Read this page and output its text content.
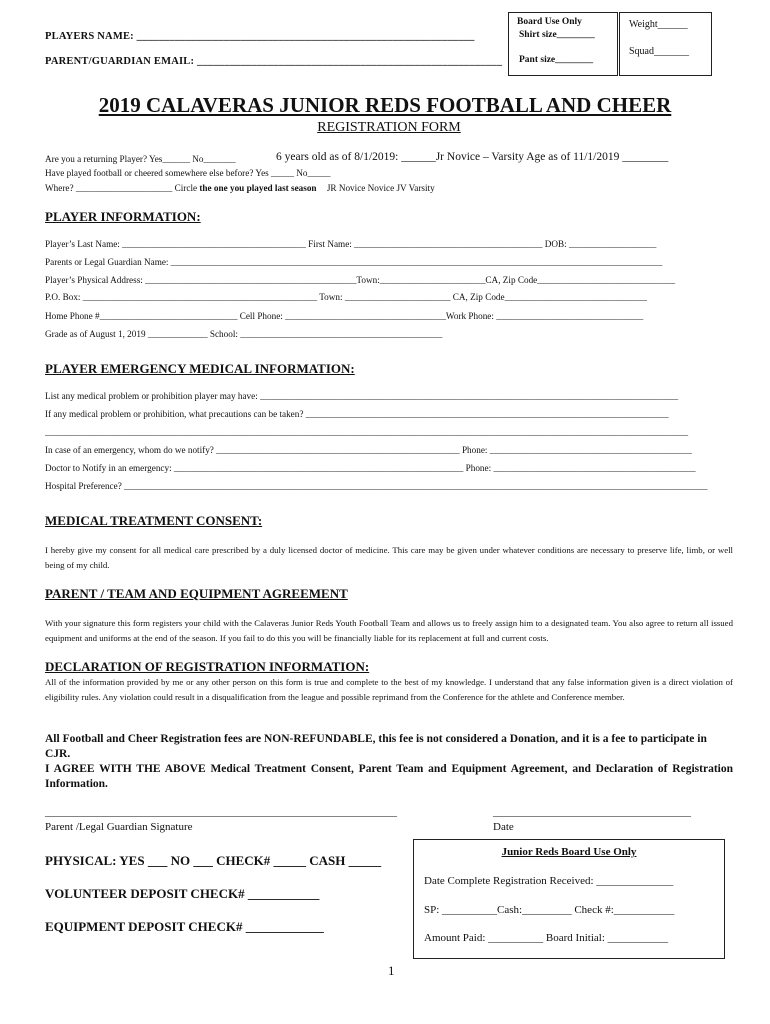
PLAYERS NAME: ______________________________________________________________
PARENT/GUARDIAN EMAIL: ________________________________________________________
Board Use Only
Shirt size________
Pant size________
Weight______
Squad_______
2019 CALAVERAS JUNIOR REDS FOOTBALL AND CHEER
REGISTRATION FORM
Are you a returning Player? Yes______ No_______	6 years old as of 8/1/2019: ______Jr Novice – Varsity Age as of 11/1/2019 ________
Have played football or cheered somewhere else before? Yes _____ No_____
Where? _____________________ Circle the one you played last season JR Novice Novice JV Varsity
PLAYER INFORMATION:
Player’s Last Name: ________________________________________ First Name: _________________________________________ DOB: ___________________
Parents or Legal Guardian Name: ___________________________________________________________________________________________________________
Player’s Physical Address: ______________________________________________Town:_______________________CA, Zip Code______________________________
P.O. Box: ___________________________________________________ Town: _______________________ CA, Zip Code_______________________________
Home Phone #______________________________ Cell Phone: ___________________________________Work Phone: ________________________________
Grade as of August 1, 2019 _____________ School: ____________________________________________
PLAYER EMERGENCY MEDICAL INFORMATION:
List any medical problem or prohibition player may have: ___________________________________________________________________________________________
If any medical problem or prohibition, what precautions can be taken? _______________________________________________________________________________
____________________________________________________________________________________________________________________________________________
In case of an emergency, whom do we notify? _____________________________________________________ Phone: ____________________________________________
Doctor to Notify in an emergency: _______________________________________________________________ Phone: ____________________________________________
Hospital Preference? _______________________________________________________________________________________________________________________________
MEDICAL TREATMENT CONSENT:
I hereby give my consent for all medical care prescribed by a duly licensed doctor of medicine. This care may be given under whatever conditions are necessary to preserve life, limb, or well being of my child.
PARENT / TEAM AND EQUIPMENT AGREEMENT
With your signature this form registers your child with the Calaveras Junior Reds Youth Football Team and allows us to freely assign him to a designated team. You also agree to return all issued equipment and uniforms at the end of the season. If you fail to do this you will be financially liable for its replacement at full and current costs.
DECLARATION OF REGISTRATION INFORMATION:
All of the information provided by me or any other person on this form is true and complete to the best of my knowledge. I understand that any false information given is a direct violation of eligibility rules. Any violation could result in a disqualification from the league and possible reprimand from the Conference for the athlete and Conference member.
All Football and Cheer Registration fees are NON-REFUNDABLE, this fee is not considered a Donation, and it is a fee to participate in CJR.
I AGREE WITH THE ABOVE Medical Treatment Consent, Parent Team and Equipment Agreement, and Declaration of Registration Information.
________________________________________________________________
Parent /Legal Guardian Signature
____________________________________
Date
PHYSICAL: YES ___ NO ___ CHECK# _____ CASH _____
VOLUNTEER DEPOSIT CHECK# ___________
EQUIPMENT DEPOSIT CHECK# ____________
Junior Reds Board Use Only
Date Complete Registration Received: ______________
SP: __________Cash:_________ Check #:___________
Amount Paid: __________ Board Initial: ___________
1
